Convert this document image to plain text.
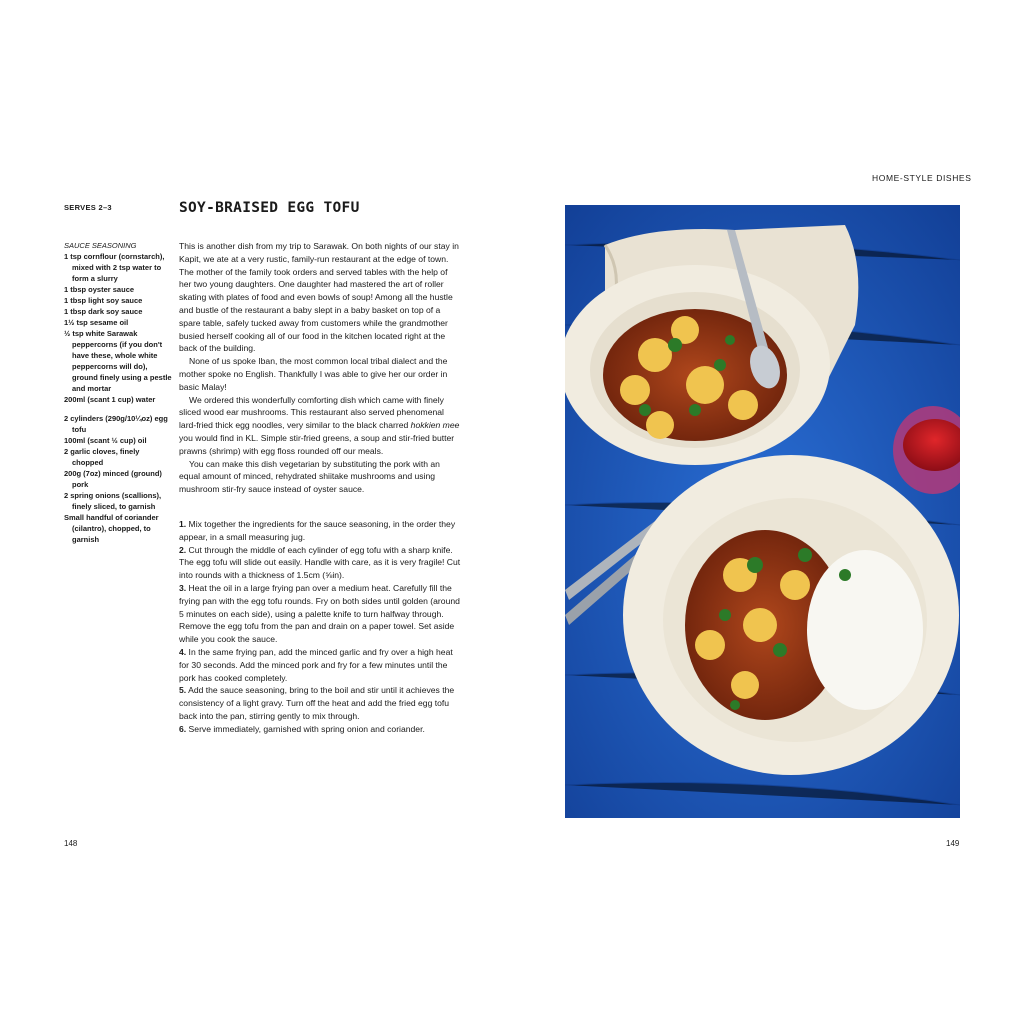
HOME-STYLE DISHES
SERVES 2–3	SOY-BRAISED EGG TOFU
SAUCE SEASONING
1 tsp cornflour (cornstarch), mixed with 2 tsp water to form a slurry
1 tbsp oyster sauce
1 tbsp light soy sauce
1 tbsp dark soy sauce
1½ tsp sesame oil
½ tsp white Sarawak peppercorns (if you don't have these, whole white peppercorns will do), ground finely using a pestle and mortar
200ml (scant 1 cup) water
2 cylinders (290g/10¼oz) egg tofu
100ml (scant ½ cup) oil
2 garlic cloves, finely chopped
200g (7oz) minced (ground) pork
2 spring onions (scallions), finely sliced, to garnish
Small handful of coriander (cilantro), chopped, to garnish

This is another dish from my trip to Sarawak. On both nights of our stay in Kapit, we ate at a very rustic, family-run restaurant at the edge of town. The mother of the family took orders and served tables with the help of her two young daughters. One daughter had mastered the art of roller skating with plates of food and even bowls of soup! Among all the hustle and bustle of the restaurant a baby slept in a baby basket on top of a spare table, safely tucked away from customers while the grandmother busied herself cooking all of our food in the kitchen located right at the back of the building.

None of us spoke Iban, the most common local tribal dialect and the mother spoke no English. Thankfully I was able to give her our order in basic Malay!

We ordered this wonderfully comforting dish which came with finely sliced wood ear mushrooms. This restaurant also served phenomenal lard-fried thick egg noodles, very similar to the black charred hokkien mee you would find in KL. Simple stir-fried greens, a soup and stir-fried butter prawns (shrimp) with egg floss rounded off our meals.

You can make this dish vegetarian by substituting the pork with an equal amount of minced, rehydrated shiitake mushrooms and using mushroom stir-fry sauce instead of oyster sauce.

1. Mix together the ingredients for the sauce seasoning, in the order they appear, in a small measuring jug.

2. Cut through the middle of each cylinder of egg tofu with a sharp knife. The egg tofu will slide out easily. Handle with care, as it is very fragile! Cut into rounds with a thickness of 1.5cm (⅝in).

3. Heat the oil in a large frying pan over a medium heat. Carefully fill the frying pan with the egg tofu rounds. Fry on both sides until golden (around 5 minutes on each side), using a palette knife to turn halfway through. Remove the egg tofu from the pan and drain on a paper towel. Set aside while you cook the sauce.

4. In the same frying pan, add the minced garlic and fry over a high heat for 30 seconds. Add the minced pork and fry for a few minutes until the pork has cooked completely.

5. Add the sauce seasoning, bring to the boil and stir until it achieves the consistency of a light gravy. Turn off the heat and add the fried egg tofu back into the pan, stirring gently to mix through.

6. Serve immediately, garnished with spring onion and coriander.

148	149
